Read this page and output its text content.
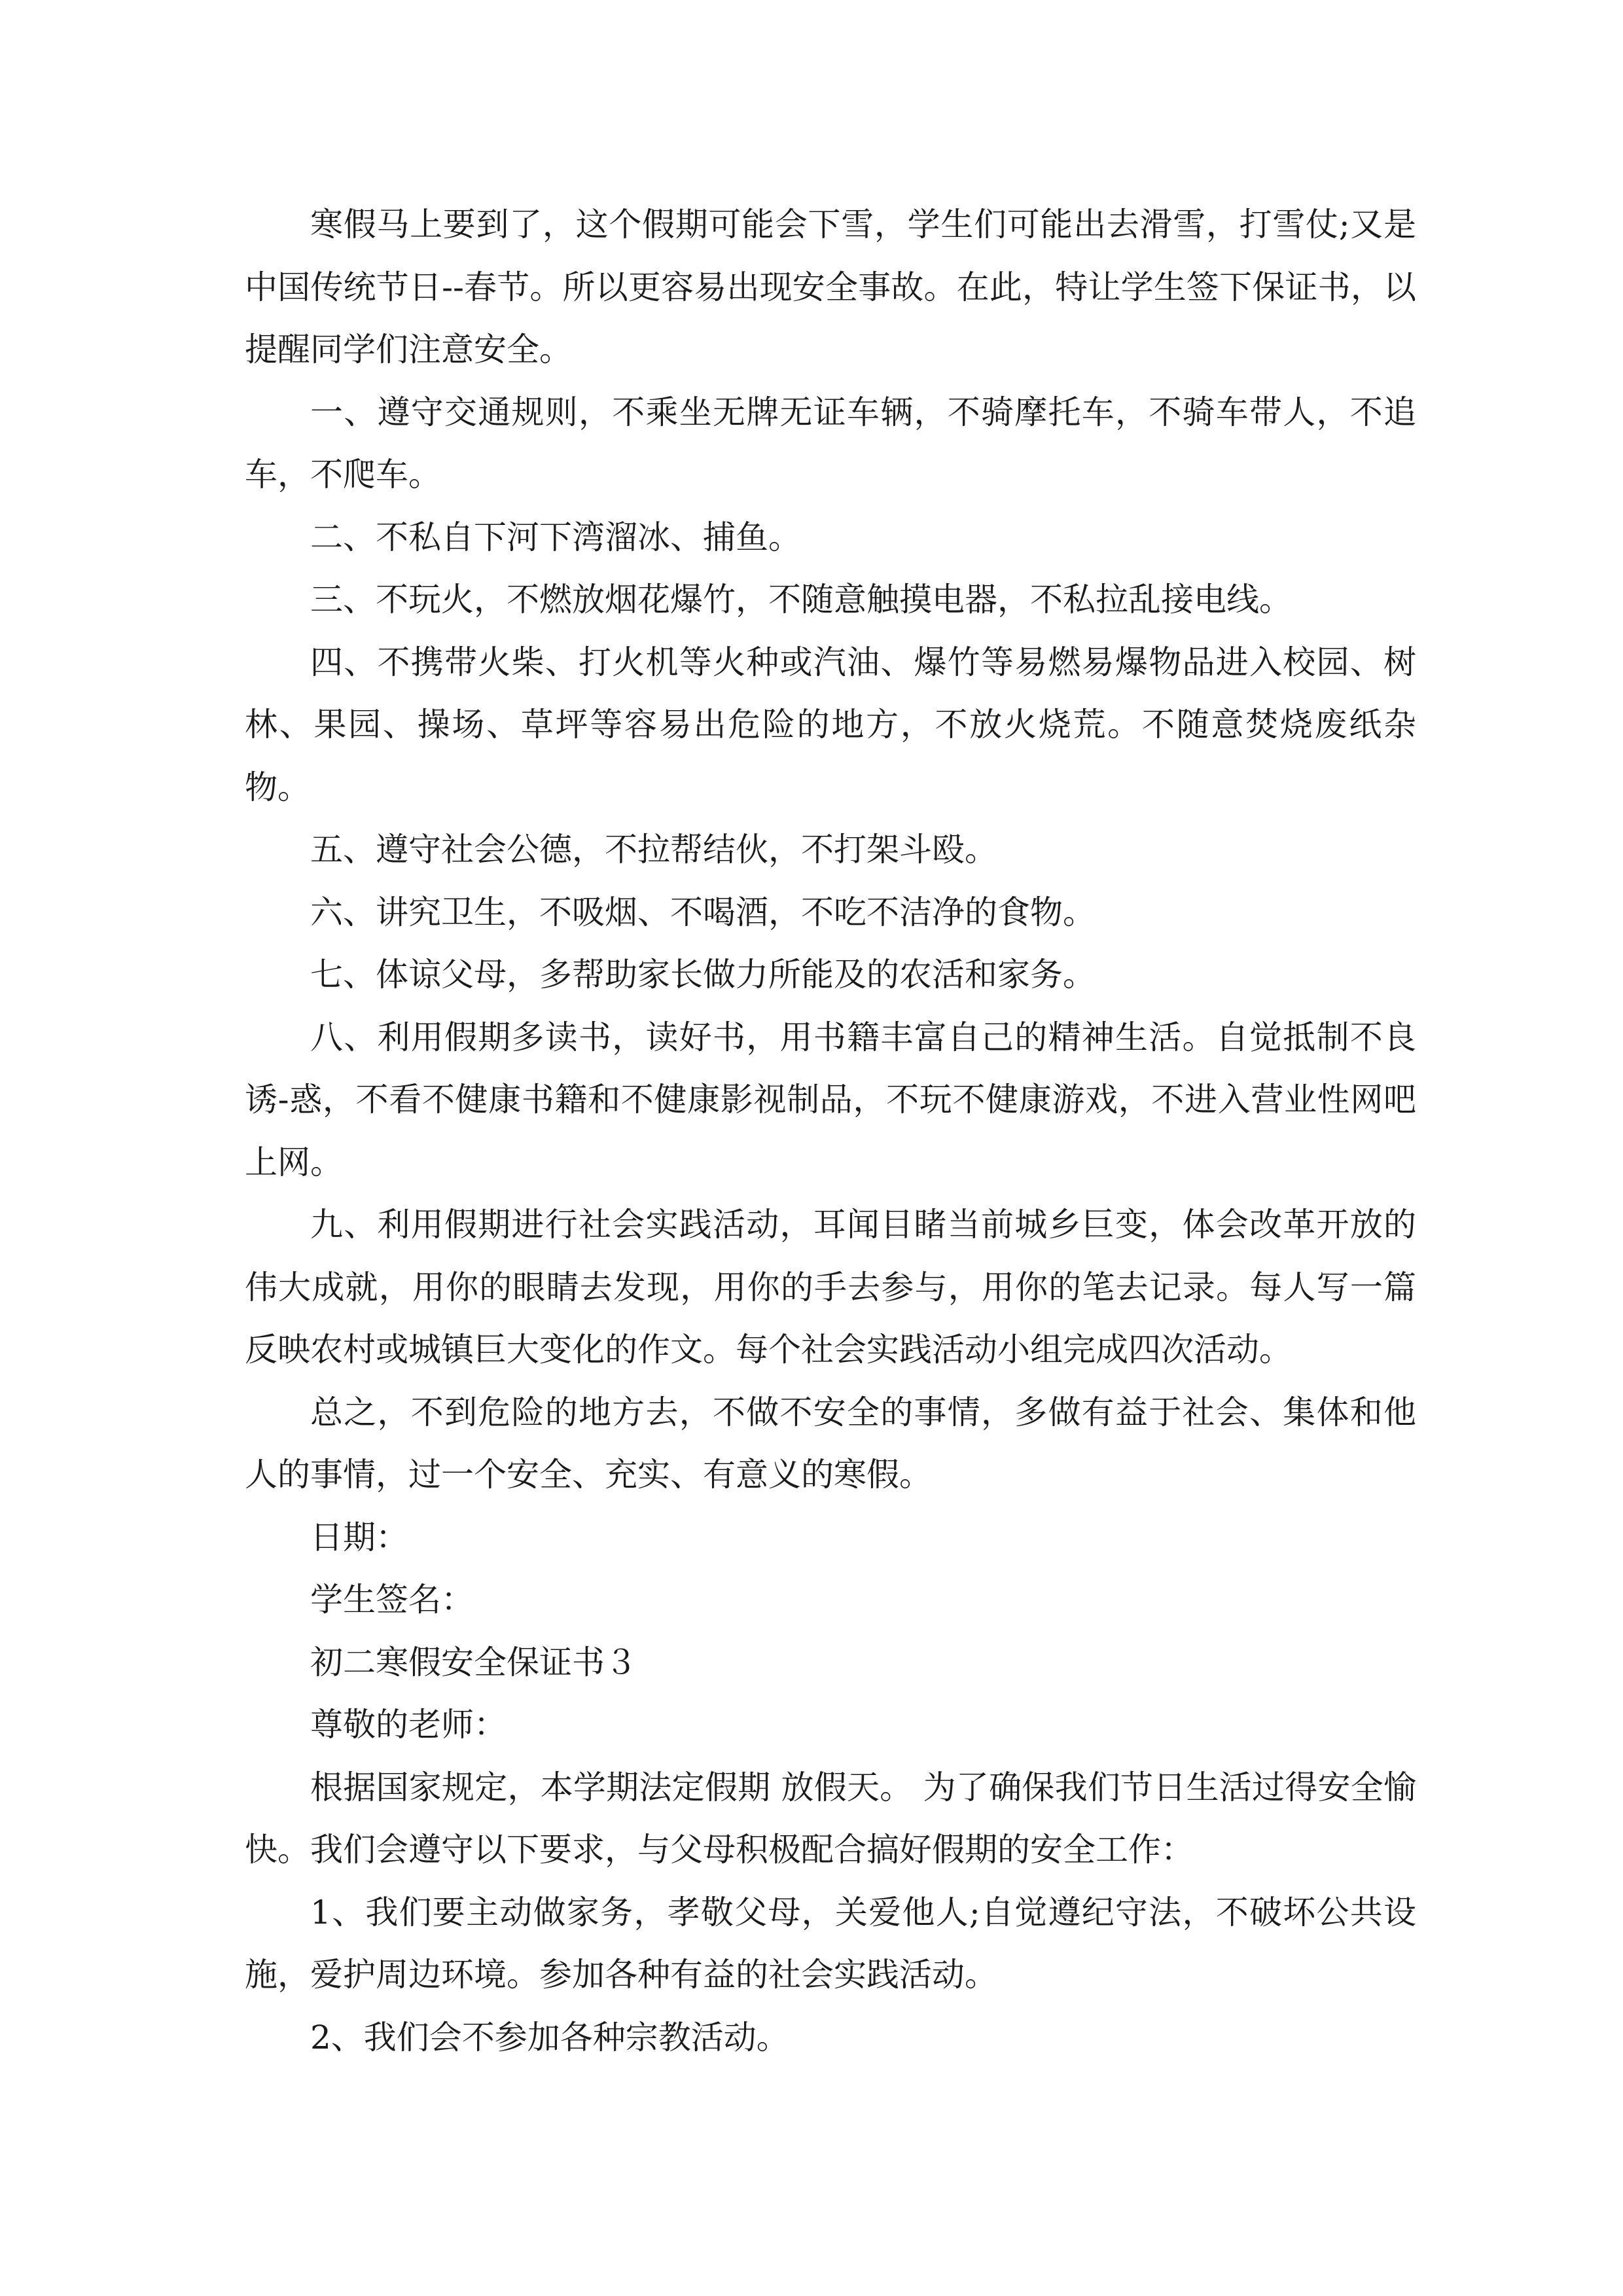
寒假马上要到了，这个假期可能会下雪，学生们可能出去滑雪，打雪仗;又是中国传统节日--春节。所以更容易出现安全事故。在此，特让学生签下保证书，以提醒同学们注意安全。

一、遵守交通规则，不乘坐无牌无证车辆，不骑摩托车，不骑车带人，不追车，不爬车。

二、不私自下河下湾溜冰、捕鱼。

三、不玩火，不燃放烟花爆竹，不随意触摸电器，不私拉乱接电线。

四、不携带火柴、打火机等火种或汽油、爆竹等易燃易爆物品进入校园、树林、果园、操场、草坪等容易出危险的地方，不放火烧荒。不随意焚烧废纸杂物。

五、遵守社会公德，不拉帮结伙，不打架斗殴。

六、讲究卫生，不吸烟、不喝酒，不吃不洁净的食物。

七、体谅父母，多帮助家长做力所能及的农活和家务。

八、利用假期多读书，读好书，用书籍丰富自己的精神生活。自觉抵制不良诱-惑，不看不健康书籍和不健康影视制品，不玩不健康游戏，不进入营业性网吧上网。

九、利用假期进行社会实践活动，耳闻目睹当前城乡巨变，体会改革开放的伟大成就，用你的眼睛去发现，用你的手去参与，用你的笔去记录。每人写一篇反映农村或城镇巨大变化的作文。每个社会实践活动小组完成四次活动。

总之，不到危险的地方去，不做不安全的事情，多做有益于社会、集体和他人的事情，过一个安全、充实、有意义的寒假。

日期：

学生签名：

初二寒假安全保证书３

尊敬的老师：

根据国家规定，本学期法定假期 放假天。 为了确保我们节日生活过得安全愉快。我们会遵守以下要求，与父母积极配合搞好假期的安全工作：

1、我们要主动做家务，孝敬父母，关爱他人;自觉遵纪守法，不破坏公共设施，爱护周边环境。参加各种有益的社会实践活动。

2、我们会不参加各种宗教活动。
